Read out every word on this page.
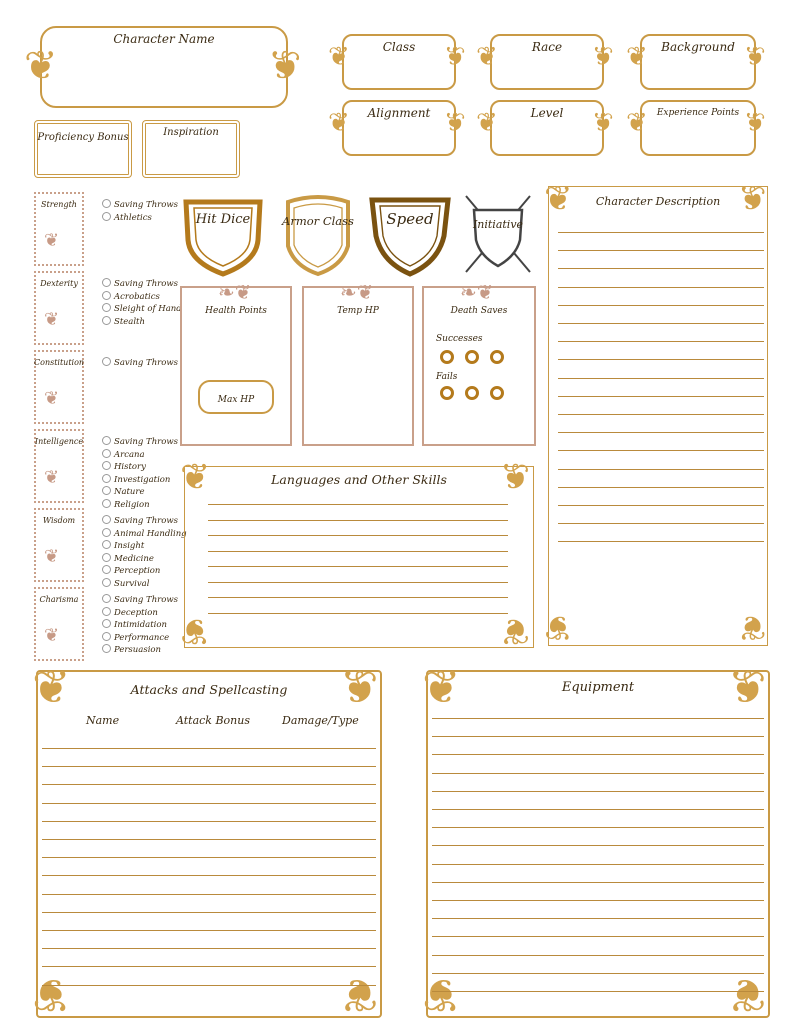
❦	❦
Character Name
❦	❦
Class	❦	❦
Race	❦	❦
Background
❦	❦
Alignment	❦	❦
Level	❦	❦
Experience Points
Proficiency Bonus	Inspiration
Strength
❦
Saving Throws
Athletics
Dexterity
❦
Saving Throws
Acrobatics
Sleight of Hand
Stealth
Constitution
❦
Saving Throws
Intelligence
❦
Saving Throws
Arcana
History
Investigation
Nature
Religion
Wisdom
❦
Saving Throws
Animal Handling
Insight
Medicine
Perception
Survival
Charisma
❦
Saving Throws
Deception
Intimidation
Performance
Persuasion
Hit Dice	Armor Class	Speed	Initiative
❧❦
Health Points
Max HP
❧❦
Temp HP
❧❦
Death Saves
Successes
Fails
❦	❦
❦	❦
Character Description
❦	❦
❦	❦
Languages and Other Skills
❦	❦
❦	❦
Attacks and Spellcasting
Name	Attack Bonus	Damage/Type
❦	❦
❦	❦
Equipment
